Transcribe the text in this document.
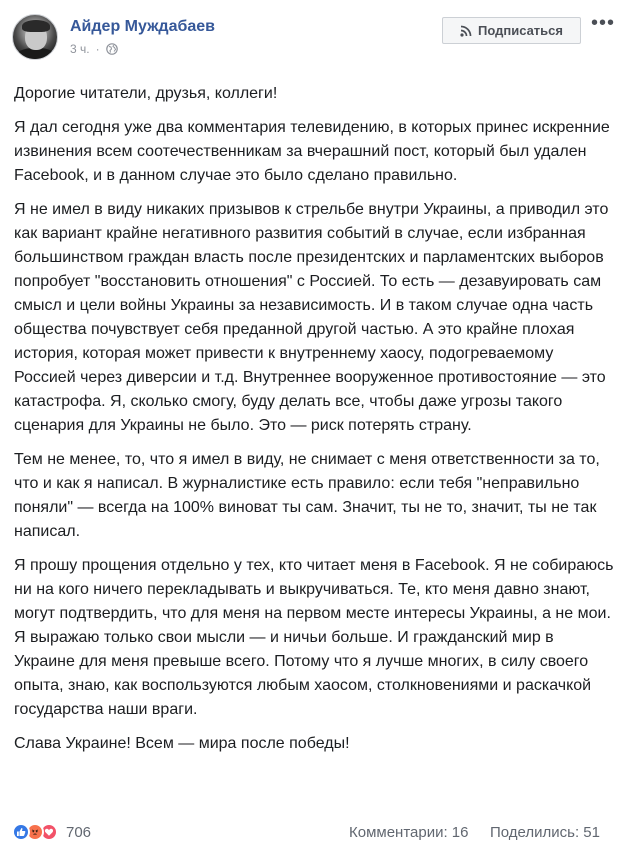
Айдер Муждабаев
3 ч. ·
Подписаться •••

Дорогие читатели, друзья, коллеги!

Я дал сегодня уже два комментария телевидению, в которых принес искренние извинения всем соотечественникам за вчерашний пост, который был удален Facebook, и в данном случае это было сделано правильно.

Я не имел в виду никаких призывов к стрельбе внутри Украины, а приводил это как вариант крайне негативного развития событий в случае, если избранная большинством граждан власть после президентских и парламентских выборов попробует "восстановить отношения" с Россией. То есть — дезавуировать сам смысл и цели войны Украины за независимость. И в таком случае одна часть общества почувствует себя преданной другой частью. А это крайне плохая история, которая может привести к внутреннему хаосу, подогреваемому Россией через диверсии и т.д. Внутреннее вооруженное противостояние — это катастрофа. Я, сколько смогу, буду делать все, чтобы даже угрозы такого сценария для Украины не было. Это — риск потерять страну.

Тем не менее, то, что я имел в виду, не снимает с меня ответственности за то, что и как я написал. В журналистике есть правило: если тебя "неправильно поняли" — всегда на 100% виноват ты сам. Значит, ты не то, значит, ты не так написал.

Я прошу прощения отдельно у тех, кто читает меня в Facebook. Я не собираюсь ни на кого ничего перекладывать и выкручиваться. Те, кто меня давно знают, могут подтвердить, что для меня на первом месте интересы Украины, а не мои. Я выражаю только свои мысли — и ничьи больше. И гражданский мир в Украине для меня превыше всего. Потому что я лучше многих, в силу своего опыта, знаю, как воспользуются любым хаосом, столкновениями и раскачкой государства наши враги.

Слава Украине! Всем — мира после победы!

706	Комментарии: 16 Поделились: 51
